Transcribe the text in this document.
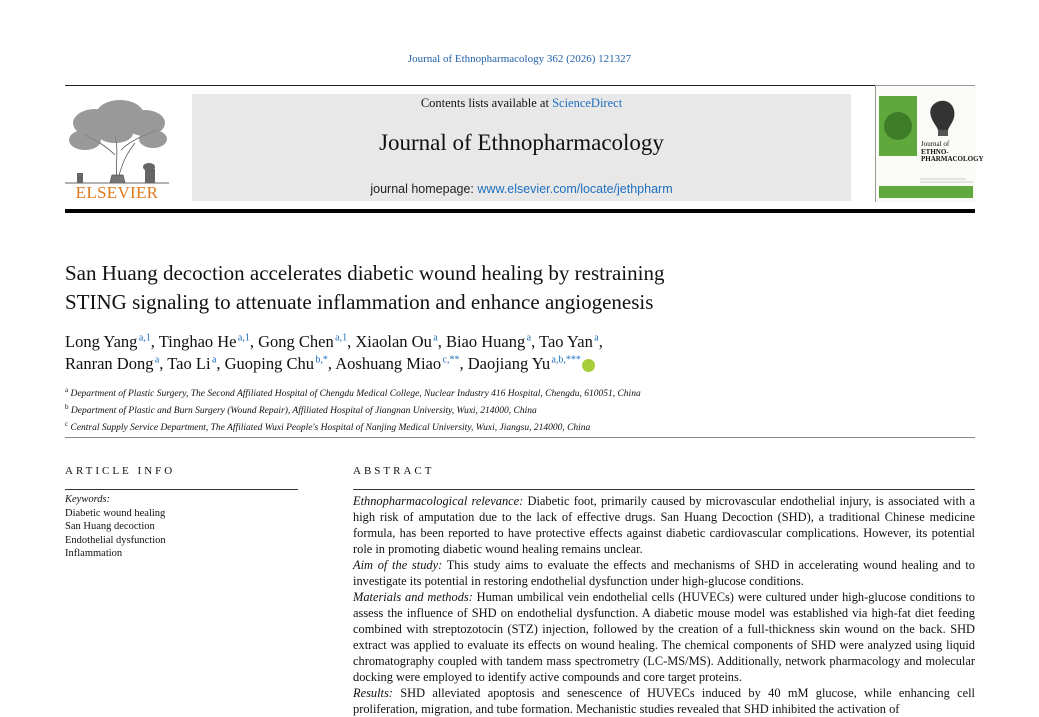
Journal of Ethnopharmacology 362 (2026) 121327
ELSEVIER
Contents lists available at ScienceDirect
Journal of Ethnopharmacology
journal homepage: www.elsevier.com/locate/jethpharm
Journal of
ETHNO-
PHARMACOLOGY
San Huang decoction accelerates diabetic wound healing by restraining
STING signaling to attenuate inflammation and enhance angiogenesis
Long Yang $^{a,1}$, Tinghao He $^{a,1}$, Gong Chen $^{a,1}$, Xiaolan Ou $^a$, Biao Huang $^a$, Tao Yan $^a$,
Ranran Dong $^a$, Tao Li $^a$, Guoping Chu $^{b,*}$, Aoshuang Miao $^{c,**}$, Daojiang Yu $^{a,b,***}$
$^a$ Department of Plastic Surgery, The Second Affiliated Hospital of Chengdu Medical College, Nuclear Industry 416 Hospital, Chengdu, 610051, China
$^b$ Department of Plastic and Burn Surgery (Wound Repair), Affiliated Hospital of Jiangnan University, Wuxi, 214000, China
$^c$ Central Supply Service Department, The Affiliated Wuxi People's Hospital of Nanjing Medical University, Wuxi, Jiangsu, 214000, China
ARTICLE INFO	ABSTRACT
Keywords:
Diabetic wound healing
San Huang decoction
Endothelial dysfunction
Inflammation

Ethnopharmacological relevance: Diabetic foot, primarily caused by microvascular endothelial injury, is associated with a high risk of amputation due to the lack of effective drugs. San Huang Decoction (SHD), a traditional Chinese medicine formula, has been reported to have protective effects against diabetic cardiovascular complications. However, its potential role in promoting diabetic wound healing remains unclear.

Aim of the study: This study aims to evaluate the effects and mechanisms of SHD in accelerating wound healing and to investigate its potential in restoring endothelial dysfunction under high-glucose conditions.

Materials and methods: Human umbilical vein endothelial cells (HUVECs) were cultured under high-glucose conditions to assess the influence of SHD on endothelial dysfunction. A diabetic mouse model was established via high-fat diet feeding combined with streptozotocin (STZ) injection, followed by the creation of a full-thickness skin wound on the back. SHD extract was applied to evaluate its effects on wound healing. The chemical components of SHD were analyzed using liquid chromatography coupled with tandem mass spectrometry (LC-MS/MS). Additionally, network pharmacology and molecular docking were employed to identify active compounds and core target proteins.

Results: SHD alleviated apoptosis and senescence of HUVECs induced by 40 mM glucose, while enhancing cell proliferation, migration, and tube formation. Mechanistic studies revealed that SHD inhibited the activation of
